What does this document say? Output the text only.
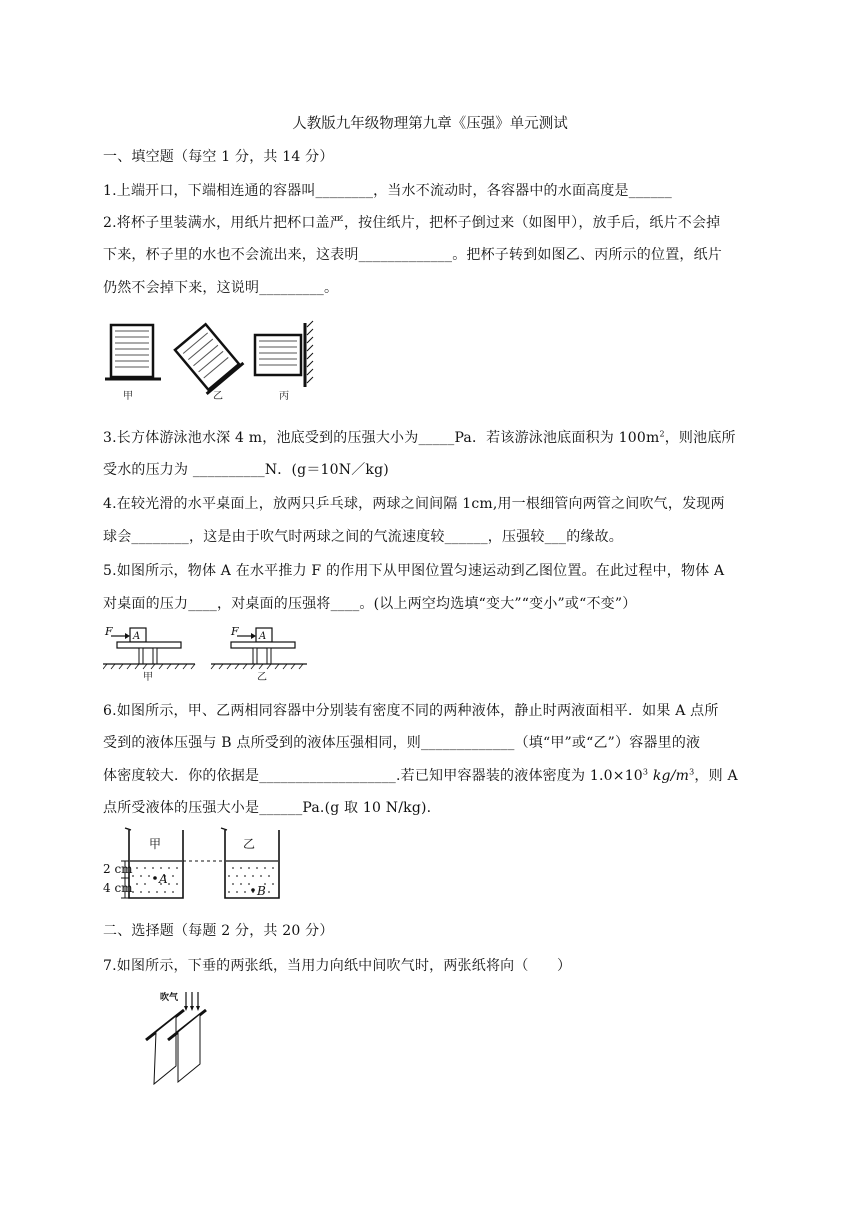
人教版九年级物理第九章《压强》单元测试
一、填空题（每空 1 分，共 14 分）
1.上端开口，下端相连通的容器叫________，当水不流动时，各容器中的水面高度是______
2.将杯子里装满水，用纸片把杯口盖严，按住纸片，把杯子倒过来（如图甲），放手后，纸片不会掉
下来，杯子里的水也不会流出来，这表明_____________。把杯子转到如图乙、丙所示的位置，纸片
仍然不会掉下来，这说明_________。
甲	乙	丙
3.长方体游泳池水深 4 m，池底受到的压强大小为_____Pa．若该游泳池底面积为 $100m^2$，则池底所
受水的压力为 __________N．(g＝10N／kg)
4.在较光滑的水平桌面上，放两只乒乓球，两球之间间隔 1cm,用一根细管向两管之间吹气，发现两
球会________，这是由于吹气时两球之间的气流速度较______，压强较___的缘故。
5.如图所示，物体 A 在水平推力 F 的作用下从甲图位置匀速运动到乙图位置。在此过程中，物体 A
对桌面的压力____，对桌面的压强将____。(以上两空均选填“变大”“变小”或“不变”）
F A
甲
F A
乙
6.如图所示，甲、乙两相同容器中分别装有密度不同的两种液体，静止时两液面相平．如果 A 点所
受到的液体压强与 B 点所受到的液体压强相同，则_____________（填“甲”或“乙”）容器里的液
体密度较大．你的依据是___________________.若已知甲容器装的液体密度为 $1.0\times 10^3$ $kg/m^3$，则 A
点所受液体的压强大小是______Pa.(g 取 10 N/kg).
甲
A
乙
B
2 cm
4 cm
二、选择题（每题 2 分，共 20 分）
7.如图所示，下垂的两张纸，当用力向纸中间吹气时，两张纸将向（　　）
吹气
